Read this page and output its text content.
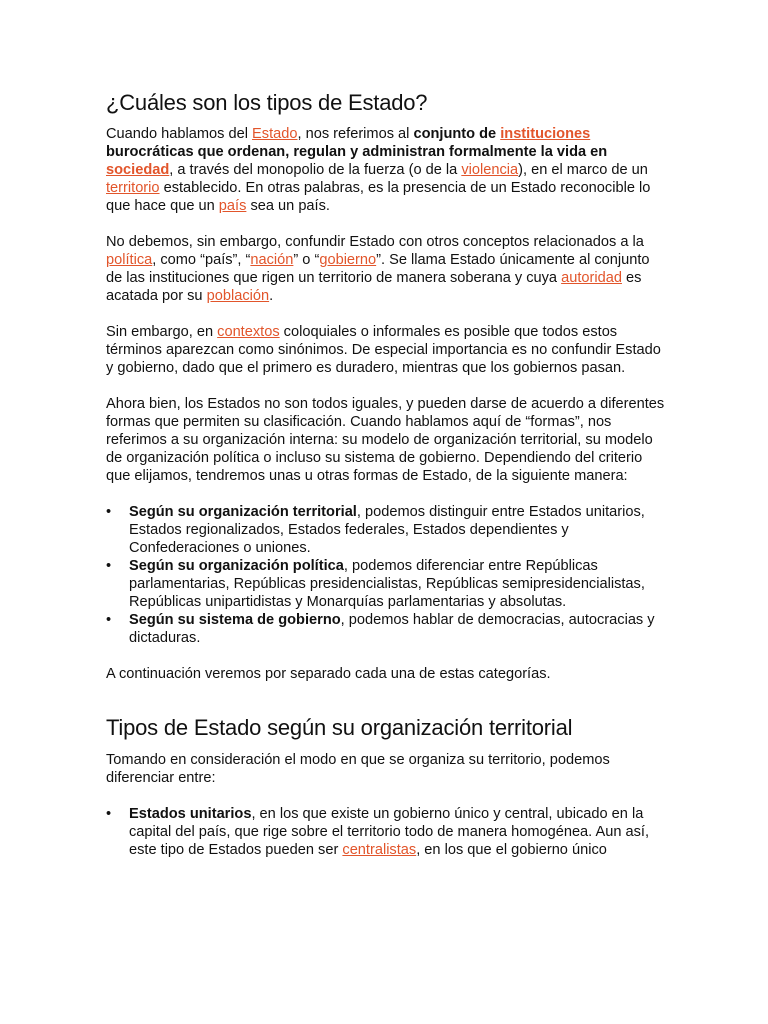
¿Cuáles son los tipos de Estado?

Cuando hablamos del Estado, nos referimos al conjunto de instituciones burocráticas que ordenan, regulan y administran formalmente la vida en sociedad, a través del monopolio de la fuerza (o de la violencia), en el marco de un territorio establecido. En otras palabras, es la presencia de un Estado reconocible lo que hace que un país sea un país.

No debemos, sin embargo, confundir Estado con otros conceptos relacionados a la política, como “país”, “nación” o “gobierno”. Se llama Estado únicamente al conjunto de las instituciones que rigen un territorio de manera soberana y cuya autoridad es acatada por su población.

Sin embargo, en contextos coloquiales o informales es posible que todos estos términos aparezcan como sinónimos. De especial importancia es no confundir Estado y gobierno, dado que el primero es duradero, mientras que los gobiernos pasan.

Ahora bien, los Estados no son todos iguales, y pueden darse de acuerdo a diferentes formas que permiten su clasificación. Cuando hablamos aquí de “formas”, nos referimos a su organización interna: su modelo de organización territorial, su modelo de organización política o incluso su sistema de gobierno. Dependiendo del criterio que elijamos, tendremos unas u otras formas de Estado, de la siguiente manera:

• Según su organización territorial, podemos distinguir entre Estados unitarios, Estados regionalizados, Estados federales, Estados dependientes y Confederaciones o uniones.
• Según su organización política, podemos diferenciar entre Repúblicas parlamentarias, Repúblicas presidencialistas, Repúblicas semipresidencialistas, Repúblicas unipartidistas y Monarquías parlamentarias y absolutas.
• Según su sistema de gobierno, podemos hablar de democracias, autocracias y dictaduras.

A continuación veremos por separado cada una de estas categorías.

Tipos de Estado según su organización territorial

Tomando en consideración el modo en que se organiza su territorio, podemos diferenciar entre:

• Estados unitarios, en los que existe un gobierno único y central, ubicado en la capital del país, que rige sobre el territorio todo de manera homogénea. Aun así, este tipo de Estados pueden ser centralistas, en los que el gobierno único
